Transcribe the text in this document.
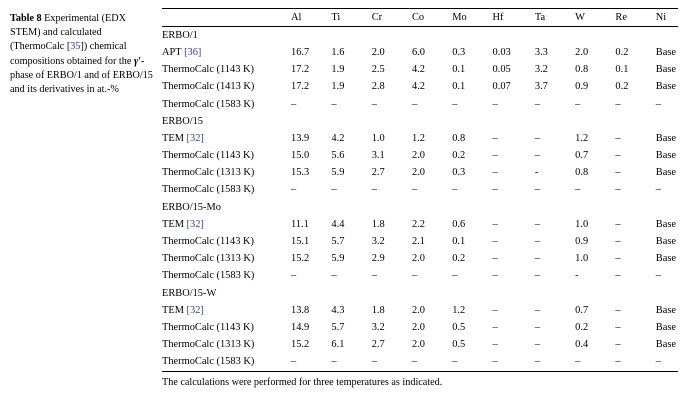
Table 8 Experimental (EDX STEM) and calculated (ThermoCalc [35]) chemical compositions obtained for the γ′-phase of ERBO/1 and of ERBO/15 and its derivatives in at.-%
	Al	Ti	Cr	Co	Mo	Hf	Ta	W	Re	Ni
ERBO/1										
APT [36]	16.7	1.6	2.0	6.0	0.3	0.03	3.3	2.0	0.2	Base
ThermoCalc (1143 K)	17.2	1.9	2.5	4.2	0.1	0.05	3.2	0.8	0.1	Base
ThermoCalc (1413 K)	17.2	1.9	2.8	4.2	0.1	0.07	3.7	0.9	0.2	Base
ThermoCalc (1583 K)	–	–	–	–	–	–	–	–	–	–
ERBO/15										
TEM [32]	13.9	4.2	1.0	1.2	0.8	–	–	1.2	–	Base
ThermoCalc (1143 K)	15.0	5.6	3.1	2.0	0.2	–	–	0.7	–	Base
ThermoCalc (1313 K)	15.3	5.9	2.7	2.0	0.3	–	-	0.8	–	Base
ThermoCalc (1583 K)	–	–	–	–	–	–	–	–	–	–
ERBO/15-Mo										
TEM [32]	11.1	4.4	1.8	2.2	0.6	–	–	1.0	–	Base
ThermoCalc (1143 K)	15.1	5.7	3.2	2.1	0.1	–	–	0.9	–	Base
ThermoCalc (1313 K)	15.2	5.9	2.9	2.0	0.2	–	–	1.0	–	Base
ThermoCalc (1583 K)	–	–	–	–	–	–	–	-	–	–
ERBO/15-W										
TEM [32]	13.8	4.3	1.8	2.0	1.2	–	–	0.7	–	Base
ThermoCalc (1143 K)	14.9	5.7	3.2	2.0	0.5	–	–	0.2	–	Base
ThermoCalc (1313 K)	15.2	6.1	2.7	2.0	0.5	–	–	0.4	–	Base
ThermoCalc (1583 K)	–	–	–	–	–	–	–	–	–	–
The calculations were performed for three temperatures as indicated.
